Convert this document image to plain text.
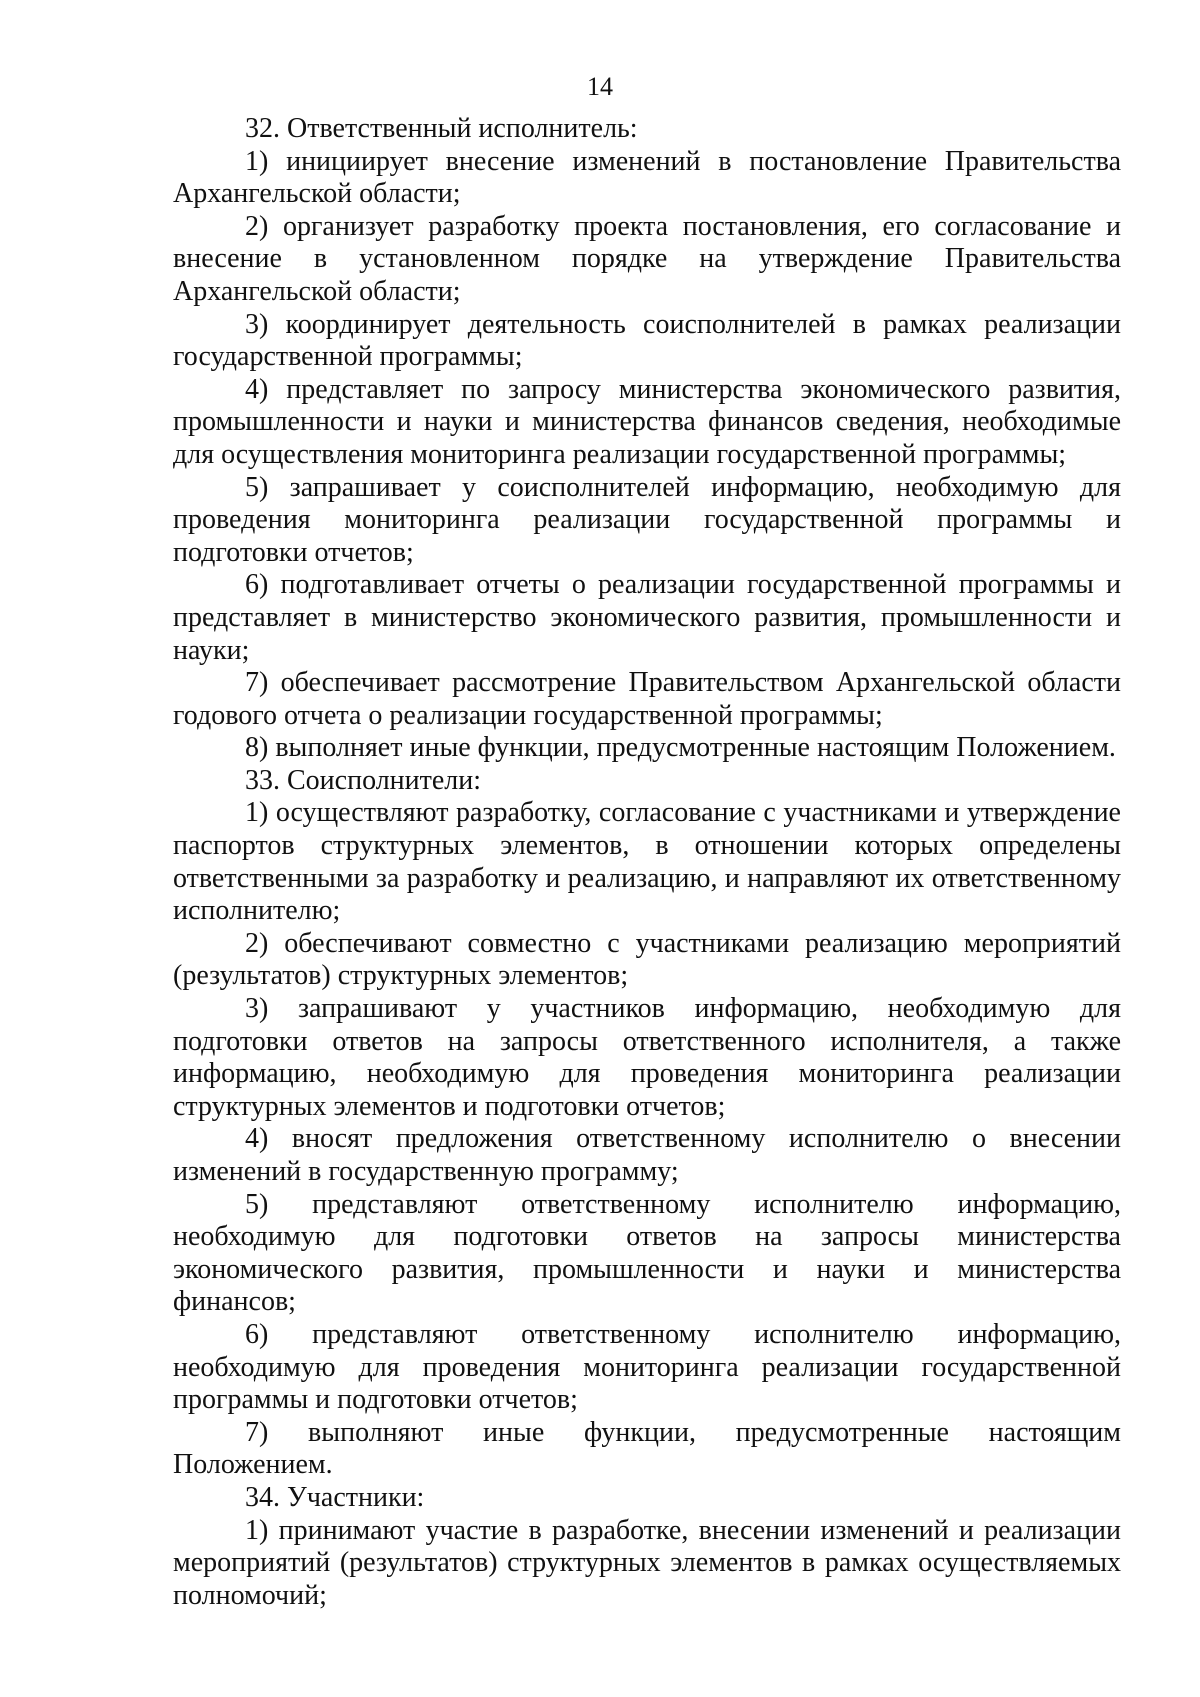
14

32. Ответственный исполнитель:

1) инициирует внесение изменений в постановление Правительства Архангельской области;

2) организует разработку проекта постановления, его согласование и внесение в установленном порядке на утверждение Правительства Архангельской области;

3) координирует деятельность соисполнителей в рамках реализации государственной программы;

4) представляет по запросу министерства экономического развития, промышленности и науки и министерства финансов сведения, необходимые для осуществления мониторинга реализации государственной программы;

5) запрашивает у соисполнителей информацию, необходимую для проведения мониторинга реализации государственной программы и подготовки отчетов;

6) подготавливает отчеты о реализации государственной программы и представляет в министерство экономического развития, промышленности и науки;

7) обеспечивает рассмотрение Правительством Архангельской области годового отчета о реализации государственной программы;

8) выполняет иные функции, предусмотренные настоящим Положением.

33. Соисполнители:

1) осуществляют разработку, согласование с участниками и утверждение паспортов структурных элементов, в отношении которых определены ответственными за разработку и реализацию, и направляют их ответственному исполнителю;

2) обеспечивают совместно с участниками реализацию мероприятий (результатов) структурных элементов;

3) запрашивают у участников информацию, необходимую для подготовки ответов на запросы ответственного исполнителя, а также информацию, необходимую для проведения мониторинга реализации структурных элементов и подготовки отчетов;

4) вносят предложения ответственному исполнителю о внесении изменений в государственную программу;

5) представляют ответственному исполнителю информацию, необходимую для подготовки ответов на запросы министерства экономического развития, промышленности и науки и министерства финансов;

6) представляют ответственному исполнителю информацию, необходимую для проведения мониторинга реализации государственной программы и подготовки отчетов;

7) выполняют иные функции, предусмотренные настоящим Положением.

34. Участники:

1) принимают участие в разработке, внесении изменений и реализации мероприятий (результатов) структурных элементов в рамках осуществляемых полномочий;
